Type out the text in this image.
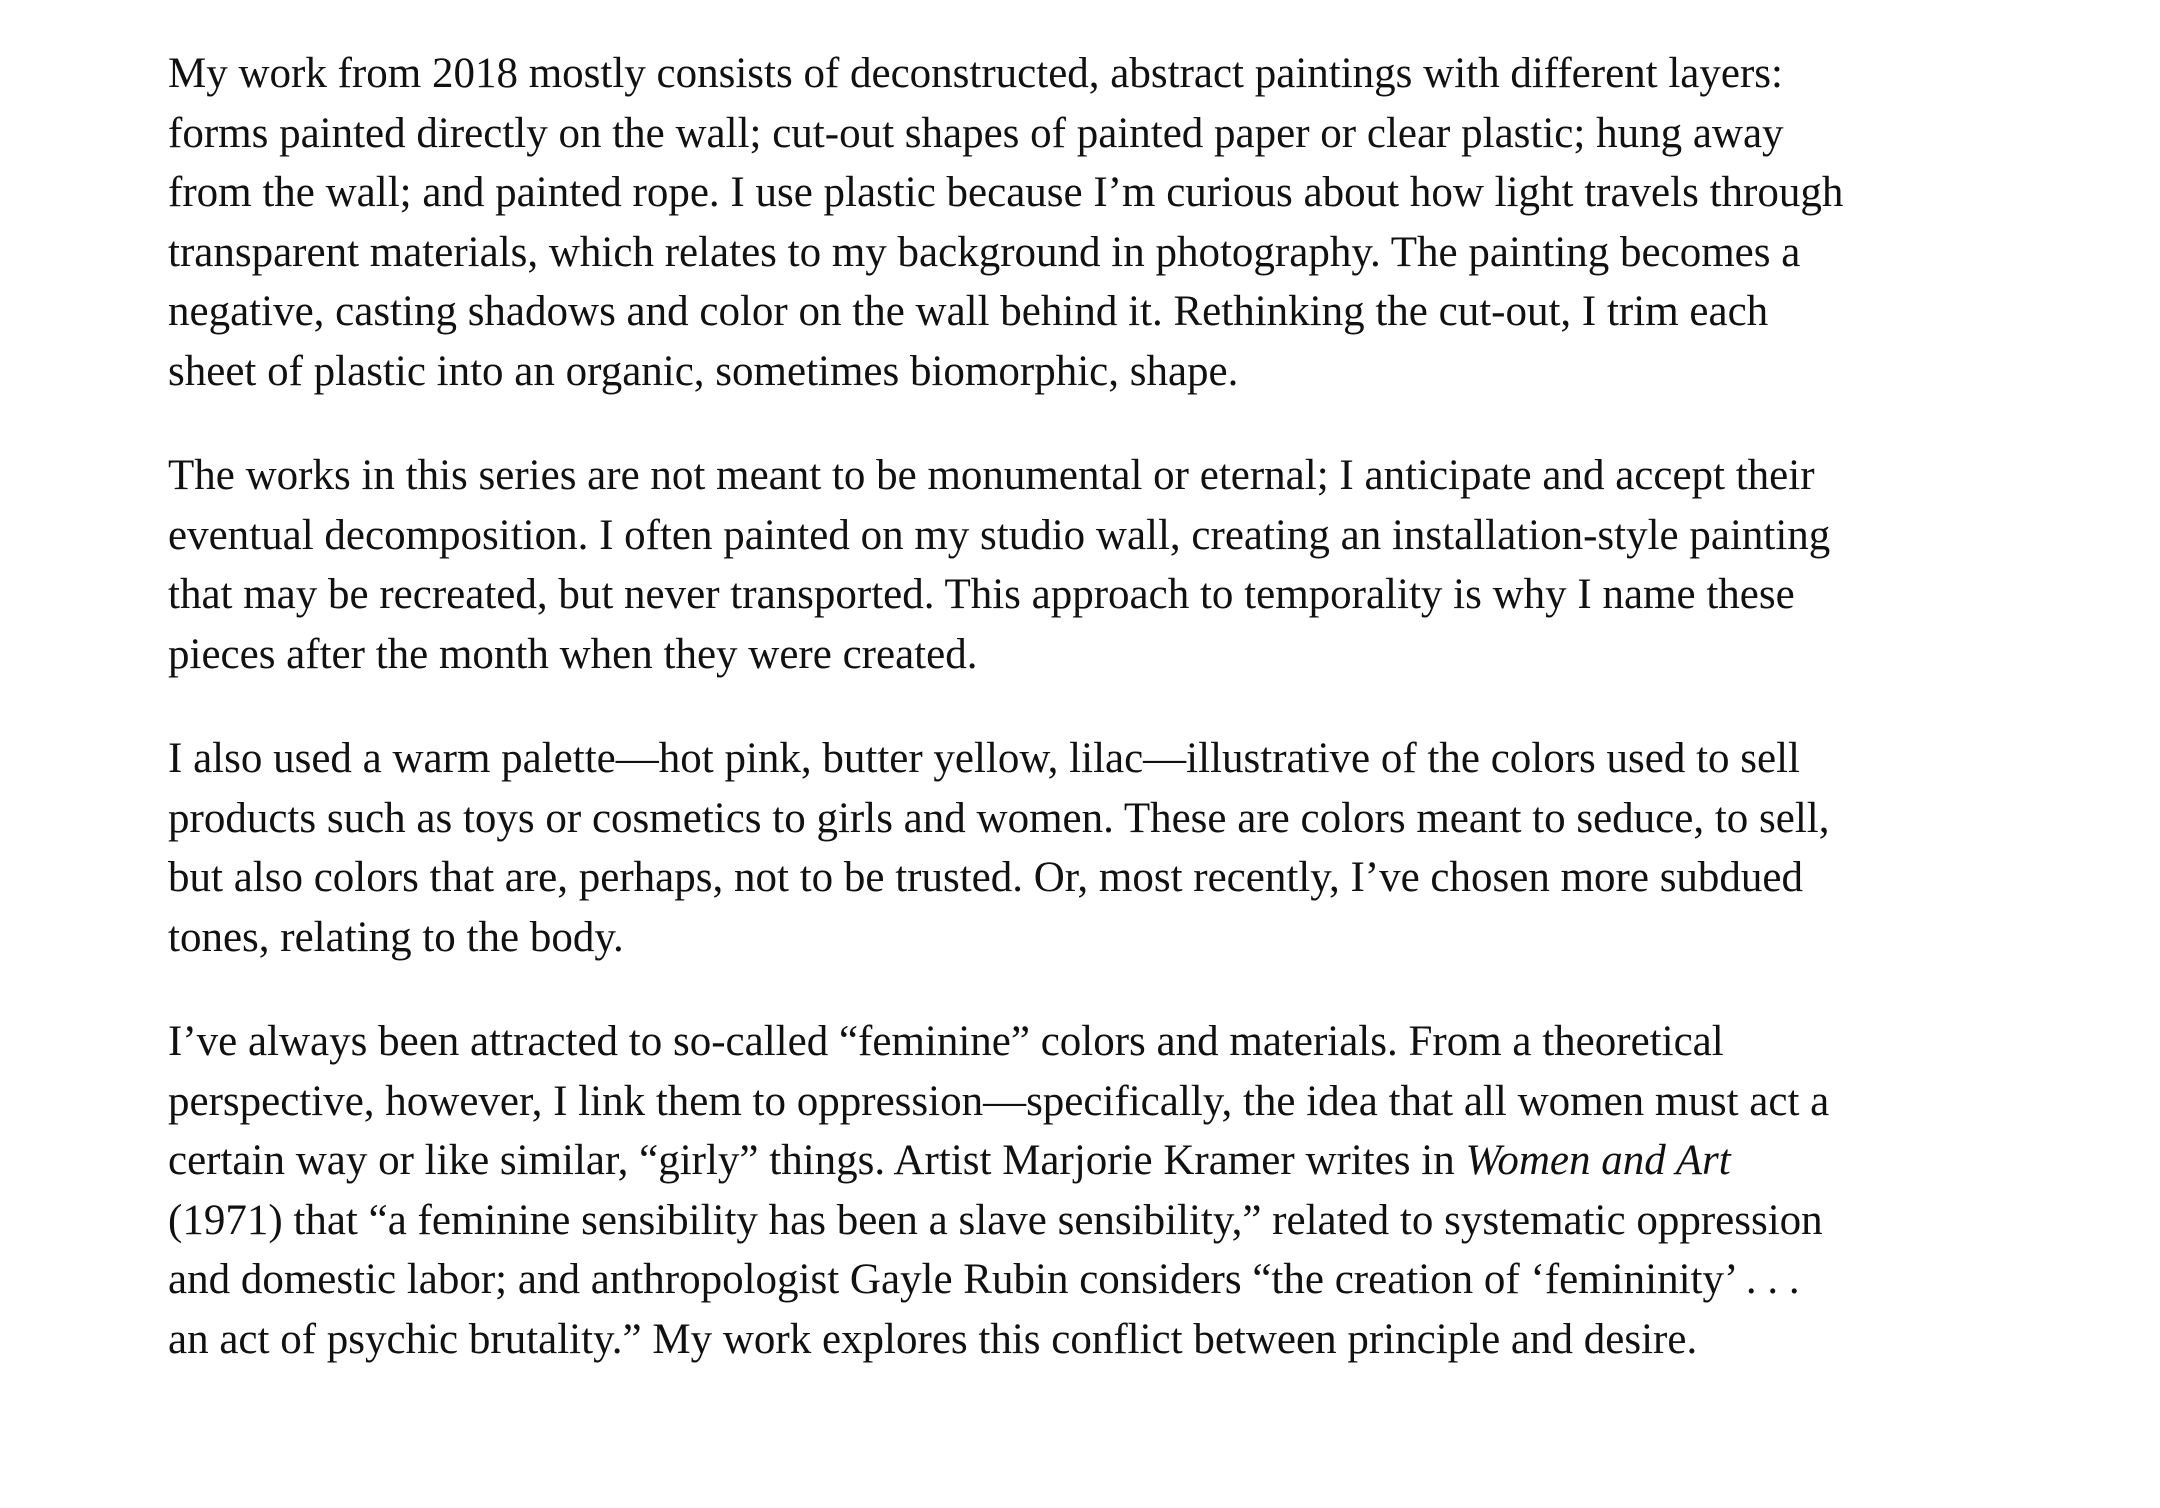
My work from 2018 mostly consists of deconstructed, abstract paintings with different layers:
forms painted directly on the wall; cut-out shapes of painted paper or clear plastic; hung away
from the wall; and painted rope. I use plastic because I’m curious about how light travels through
transparent materials, which relates to my background in photography. The painting becomes a
negative, casting shadows and color on the wall behind it. Rethinking the cut-out, I trim each
sheet of plastic into an organic, sometimes biomorphic, shape.

The works in this series are not meant to be monumental or eternal; I anticipate and accept their
eventual decomposition. I often painted on my studio wall, creating an installation-style painting
that may be recreated, but never transported. This approach to temporality is why I name these
pieces after the month when they were created.

I also used a warm palette—hot pink, butter yellow, lilac—illustrative of the colors used to sell
products such as toys or cosmetics to girls and women. These are colors meant to seduce, to sell,
but also colors that are, perhaps, not to be trusted. Or, most recently, I’ve chosen more subdued
tones, relating to the body.

I’ve always been attracted to so-called “feminine” colors and materials. From a theoretical
perspective, however, I link them to oppression—specifically, the idea that all women must act a
certain way or like similar, “girly” things. Artist Marjorie Kramer writes in Women and Art
(1971) that “a feminine sensibility has been a slave sensibility,” related to systematic oppression
and domestic labor; and anthropologist Gayle Rubin considers “the creation of ‘femininity’ . . .
an act of psychic brutality.” My work explores this conflict between principle and desire.
